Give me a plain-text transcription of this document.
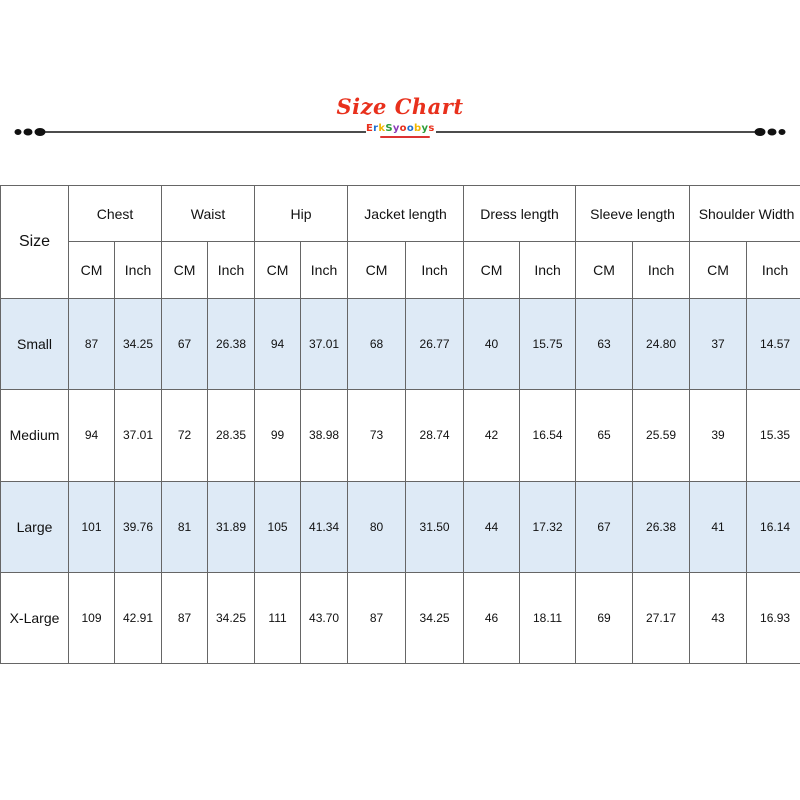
Size Chart
ErkSyoobys
Size	Chest		Waist		Hip		Jacket length		Dress length		Sleeve length		Shoulder Width	
	CM	Inch	CM	Inch	CM	Inch	CM	Inch	CM	Inch	CM	Inch	CM	Inch
Small	87	34.25	67	26.38	94	37.01	68	26.77	40	15.75	63	24.80	37	14.57
Medium	94	37.01	72	28.35	99	38.98	73	28.74	42	16.54	65	25.59	39	15.35
Large	101	39.76	81	31.89	105	41.34	80	31.50	44	17.32	67	26.38	41	16.14
X-Large	109	42.91	87	34.25	111	43.70	87	34.25	46	18.11	69	27.17	43	16.93
